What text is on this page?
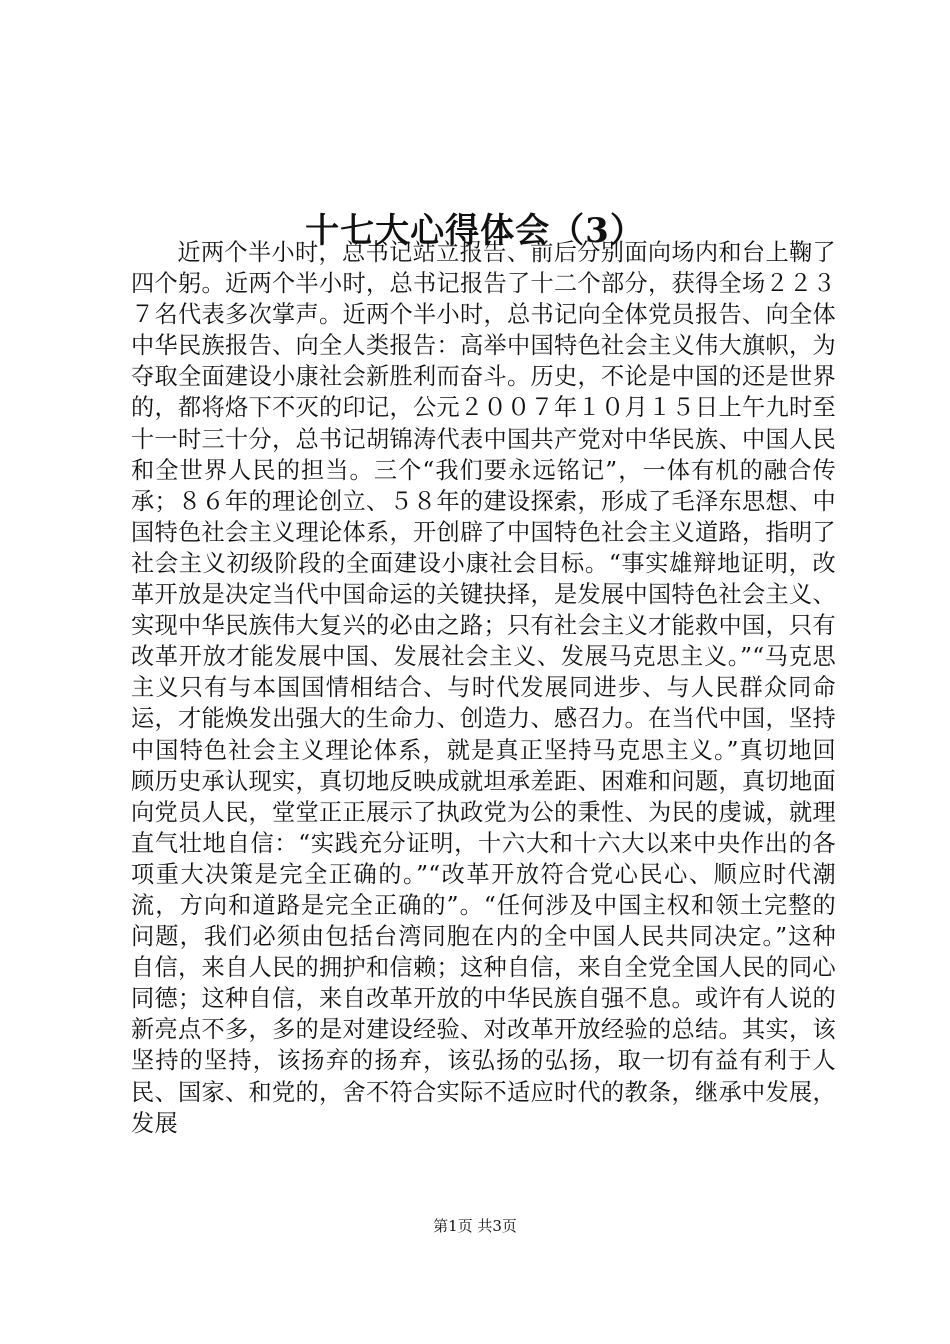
十七大心得体会（3）

近两个半小时，总书记站立报告、前后分别面向场内和台上鞠了四个躬。近两个半小时，总书记报告了十二个部分，获得全场２２３７名代表多次掌声。近两个半小时，总书记向全体党员报告、向全体中华民族报告、向全人类报告：高举中国特色社会主义伟大旗帜，为夺取全面建设小康社会新胜利而奋斗。历史，不论是中国的还是世界的，都将烙下不灭的印记，公元２００７年１０月１５日上午九时至十一时三十分，总书记胡锦涛代表中国共产党对中华民族、中国人民和全世界人民的担当。三个“我们要永远铭记”，一体有机的融合传承；８６年的理论创立、５８年的建设探索，形成了毛泽东思想、中国特色社会主义理论体系，开创辟了中国特色社会主义道路，指明了社会主义初级阶段的全面建设小康社会目标。“事实雄辩地证明，改革开放是决定当代中国命运的关键抉择，是发展中国特色社会主义、实现中华民族伟大复兴的必由之路；只有社会主义才能救中国，只有改革开放才能发展中国、发展社会主义、发展马克思主义。”“马克思主义只有与本国国情相结合、与时代发展同进步、与人民群众同命运，才能焕发出强大的生命力、创造力、感召力。在当代中国，坚持中国特色社会主义理论体系，就是真正坚持马克思主义。”真切地回顾历史承认现实，真切地反映成就坦承差距、困难和问题，真切地面向党员人民，堂堂正正展示了执政党为公的秉性、为民的虔诚，就理直气壮地自信：“实践充分证明，十六大和十六大以来中央作出的各项重大决策是完全正确的。”“改革开放符合党心民心、顺应时代潮流，方向和道路是完全正确的”。“任何涉及中国主权和领土完整的问题，我们必须由包括台湾同胞在内的全中国人民共同决定。”这种自信，来自人民的拥护和信赖；这种自信，来自全党全国人民的同心同德；这种自信，来自改革开放的中华民族自强不息。或许有人说的新亮点不多，多的是对建设经验、对改革开放经验的总结。其实，该坚持的坚持，该扬弃的扬弃，该弘扬的弘扬，取一切有益有利于人民、国家、和党的，舍不符合实际不适应时代的教条，继承中发展，发展

第1页 共3页
